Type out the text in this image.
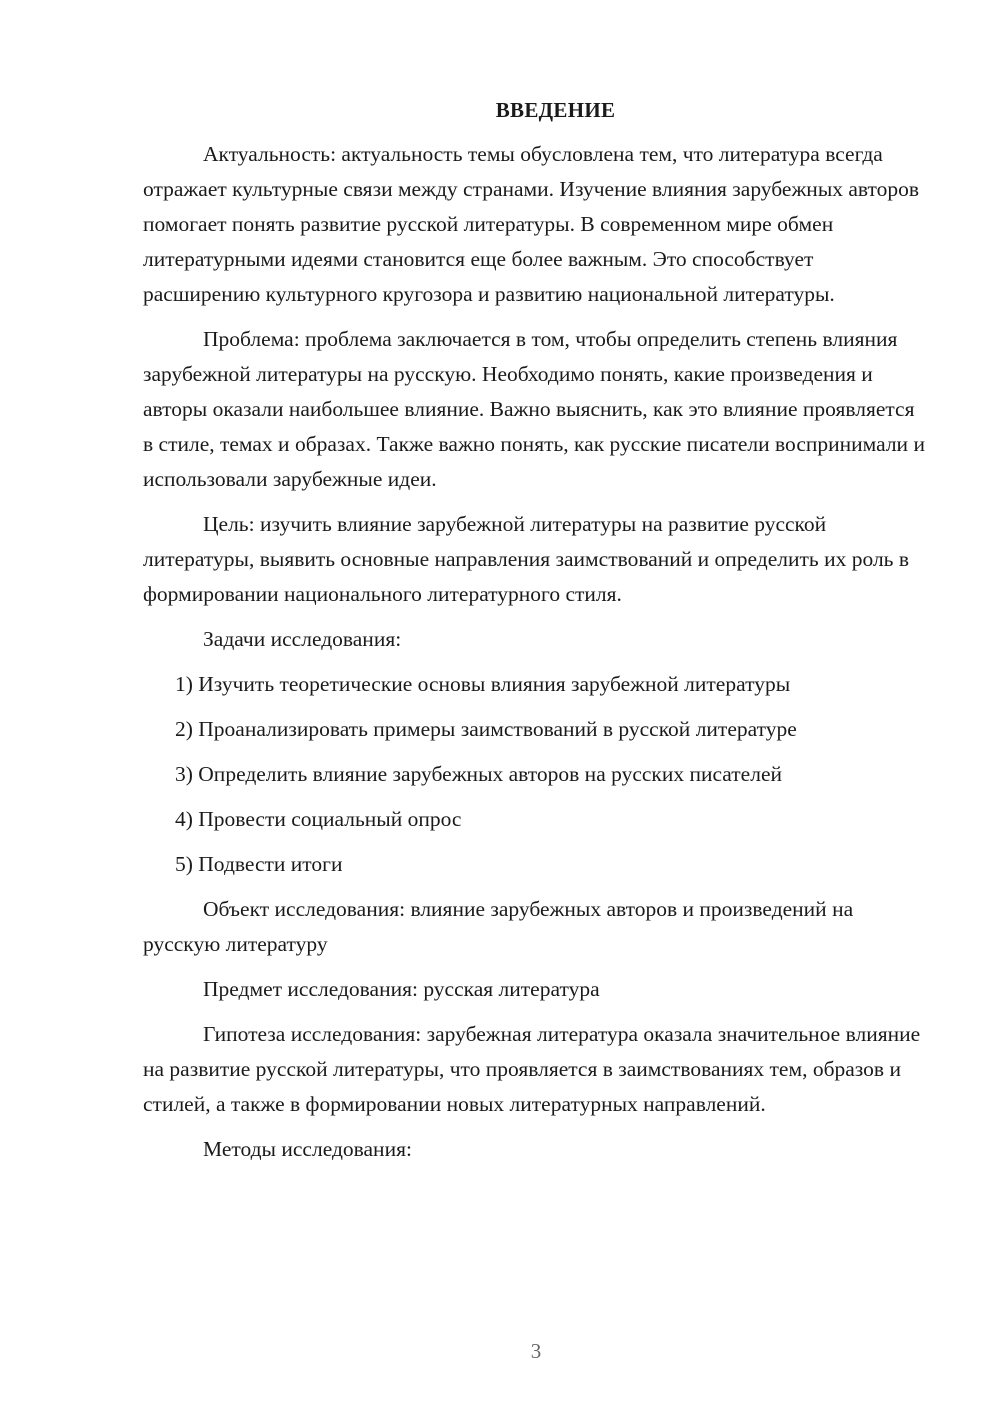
ВВЕДЕНИЕ

Актуальность: актуальность темы обусловлена тем, что литература всегда отражает культурные связи между странами. Изучение влияния зарубежных авторов помогает понять развитие русской литературы. В современном мире обмен литературными идеями становится еще более важным. Это способствует расширению культурного кругозора и развитию национальной литературы.

Проблема: проблема заключается в том, чтобы определить степень влияния зарубежной литературы на русскую. Необходимо понять, какие произведения и авторы оказали наибольшее влияние. Важно выяснить, как это влияние проявляется в стиле, темах и образах. Также важно понять, как русские писатели воспринимали и использовали зарубежные идеи.

Цель: изучить влияние зарубежной литературы на развитие русской литературы, выявить основные направления заимствований и определить их роль в формировании национального литературного стиля.

Задачи исследования:

1) Изучить теоретические основы влияния зарубежной литературы
2) Проанализировать примеры заимствований в русской литературе
3) Определить влияние зарубежных авторов на русских писателей
4) Провести социальный опрос
5) Подвести итоги

Объект исследования: влияние зарубежных авторов и произведений на русскую литературу

Предмет исследования: русская литература

Гипотеза исследования: зарубежная литература оказала значительное влияние на развитие русской литературы, что проявляется в заимствованиях тем, образов и стилей, а также в формировании новых литературных направлений.

Методы исследования:

3
